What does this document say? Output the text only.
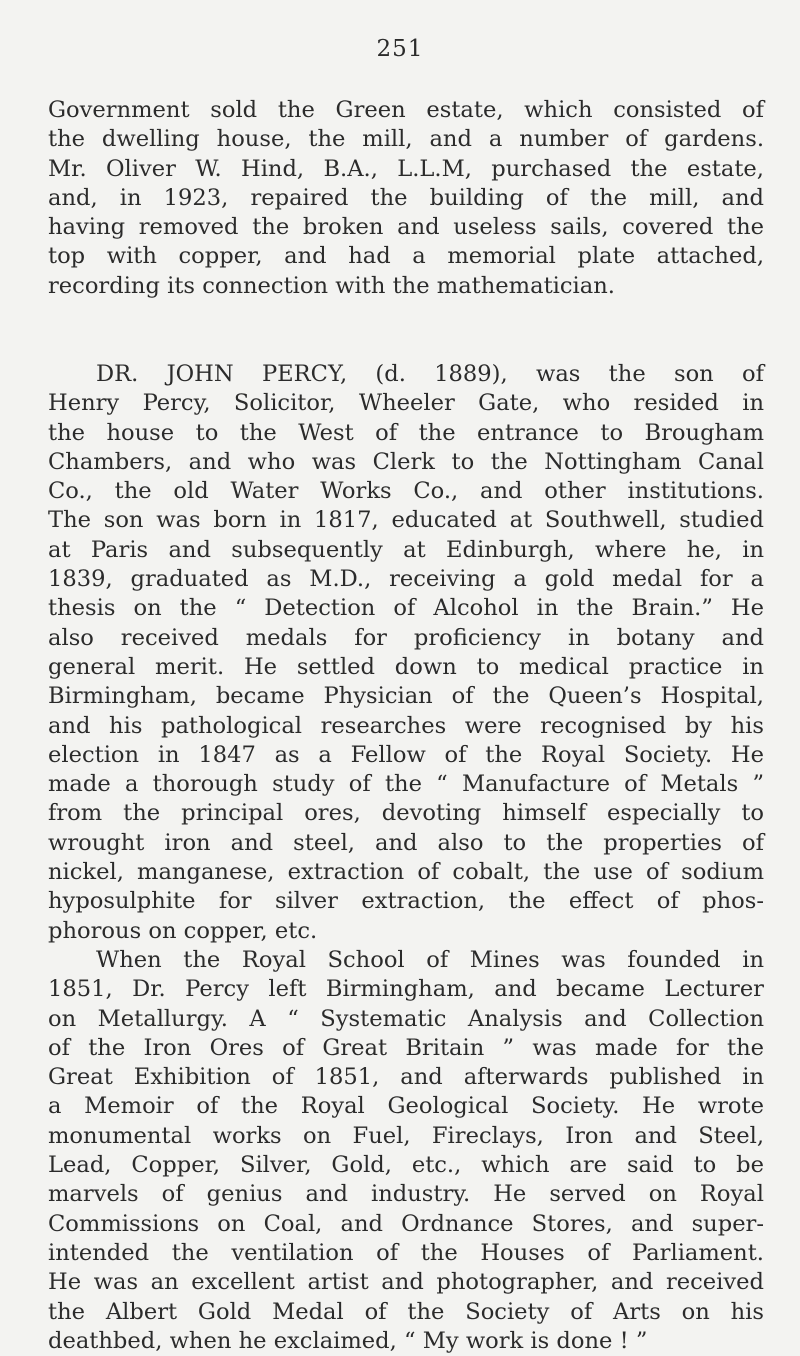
251
Government sold the Green estate, which consisted of
the dwelling house, the mill, and a number of gardens.
Mr. Oliver W. Hind, B.A., L.L.M, purchased the estate,
and, in 1923, repaired the building of the mill, and
having removed the broken and useless sails, covered the
top with copper, and had a memorial plate attached,
recording its connection with the mathematician.
DR. JOHN PERCY, (d. 1889), was the son of
Henry Percy, Solicitor, Wheeler Gate, who resided in
the house to the West of the entrance to Brougham
Chambers, and who was Clerk to the Nottingham Canal
Co., the old Water Works Co., and other institutions.
The son was born in 1817, educated at Southwell, studied
at Paris and subsequently at Edinburgh, where he, in
1839, graduated as M.D., receiving a gold medal for a
thesis on the “ Detection of Alcohol in the Brain.” He
also received medals for proficiency in botany and
general merit. He settled down to medical practice in
Birmingham, became Physician of the Queen’s Hospital,
and his pathological researches were recognised by his
election in 1847 as a Fellow of the Royal Society. He
made a thorough study of the “ Manufacture of Metals ”
from the principal ores, devoting himself especially to
wrought iron and steel, and also to the properties of
nickel, manganese, extraction of cobalt, the use of sodium
hyposulphite for silver extraction, the effect of phos-
phorous on copper, etc.
When the Royal School of Mines was founded in
1851, Dr. Percy left Birmingham, and became Lecturer
on Metallurgy. A “ Systematic Analysis and Collection
of the Iron Ores of Great Britain ” was made for the
Great Exhibition of 1851, and afterwards published in
a Memoir of the Royal Geological Society. He wrote
monumental works on Fuel, Fireclays, Iron and Steel,
Lead, Copper, Silver, Gold, etc., which are said to be
marvels of genius and industry. He served on Royal
Commissions on Coal, and Ordnance Stores, and super-
intended the ventilation of the Houses of Parliament.
He was an excellent artist and photographer, and received
the Albert Gold Medal of the Society of Arts on his
deathbed, when he exclaimed, “ My work is done ! ”
